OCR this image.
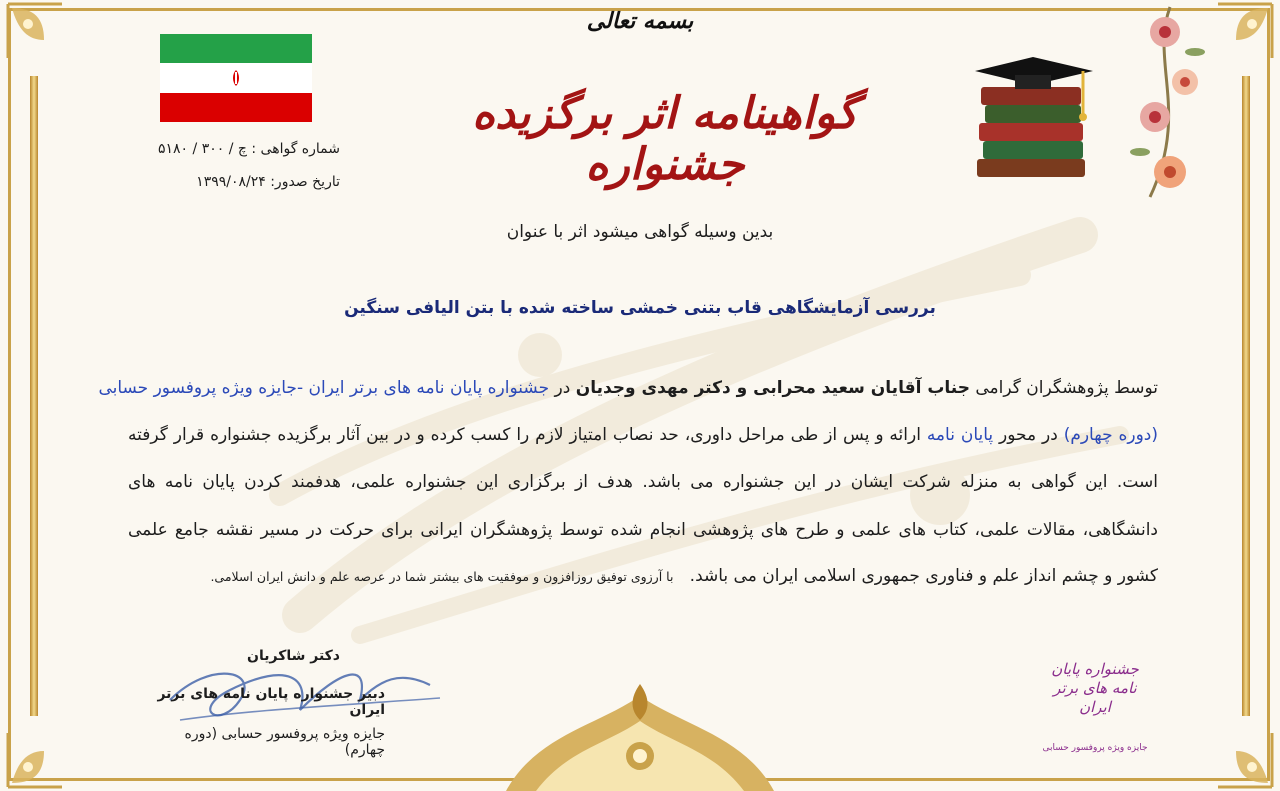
بسمه تعالی
گواهینامه اثر برگزیده جشنواره
شماره گواهی : چ / ۳۰۰ / ۵۱۸۰
تاریخ صدور: ۱۳۹۹/۰۸/۲۴
بدین وسیله گواهی میشود اثر با عنوان
بررسی آزمایشگاهی قاب بتنی خمشی ساخته شده با بتن الیافی سنگین
توسط پژوهشگران گرامی جناب آقایان سعید محرابی و دکتر مهدی وجدیان در جشنواره پایان نامه های برتر ایران -جایزه ویژه پروفسور حسابی
(دوره چهارم) در محور پایان نامه ارائه و پس از طی مراحل داوری، حد نصاب امتیاز لازم را کسب کرده و در بین آثار برگزیده جشنواره قرار گرفته
است. این گواهی به منزله شرکت ایشان در این جشنواره می باشد. هدف از برگزاری این جشنواره علمی، هدفمند کردن پایان نامه های
دانشگاهی، مقالات علمی، کتاب های علمی و طرح های پژوهشی انجام شده توسط پژوهشگران ایرانی برای حرکت در مسیر نقشه جامع علمی
کشور و چشم انداز علم و فناوری جمهوری اسلامی ایران می باشد.   با آرزوی توفیق روزافزون و موفقیت های بیشتر شما در عرصه علم و دانش ایران اسلامی.
دکتر شاکریان
دبیر جشنواره پایان نامه های برتر ایران
جایزه ویژه پروفسور حسابی (دوره چهارم)
جشنواره پایان نامه های برتر ایران
جایزه ویژه پروفسور حسابی
